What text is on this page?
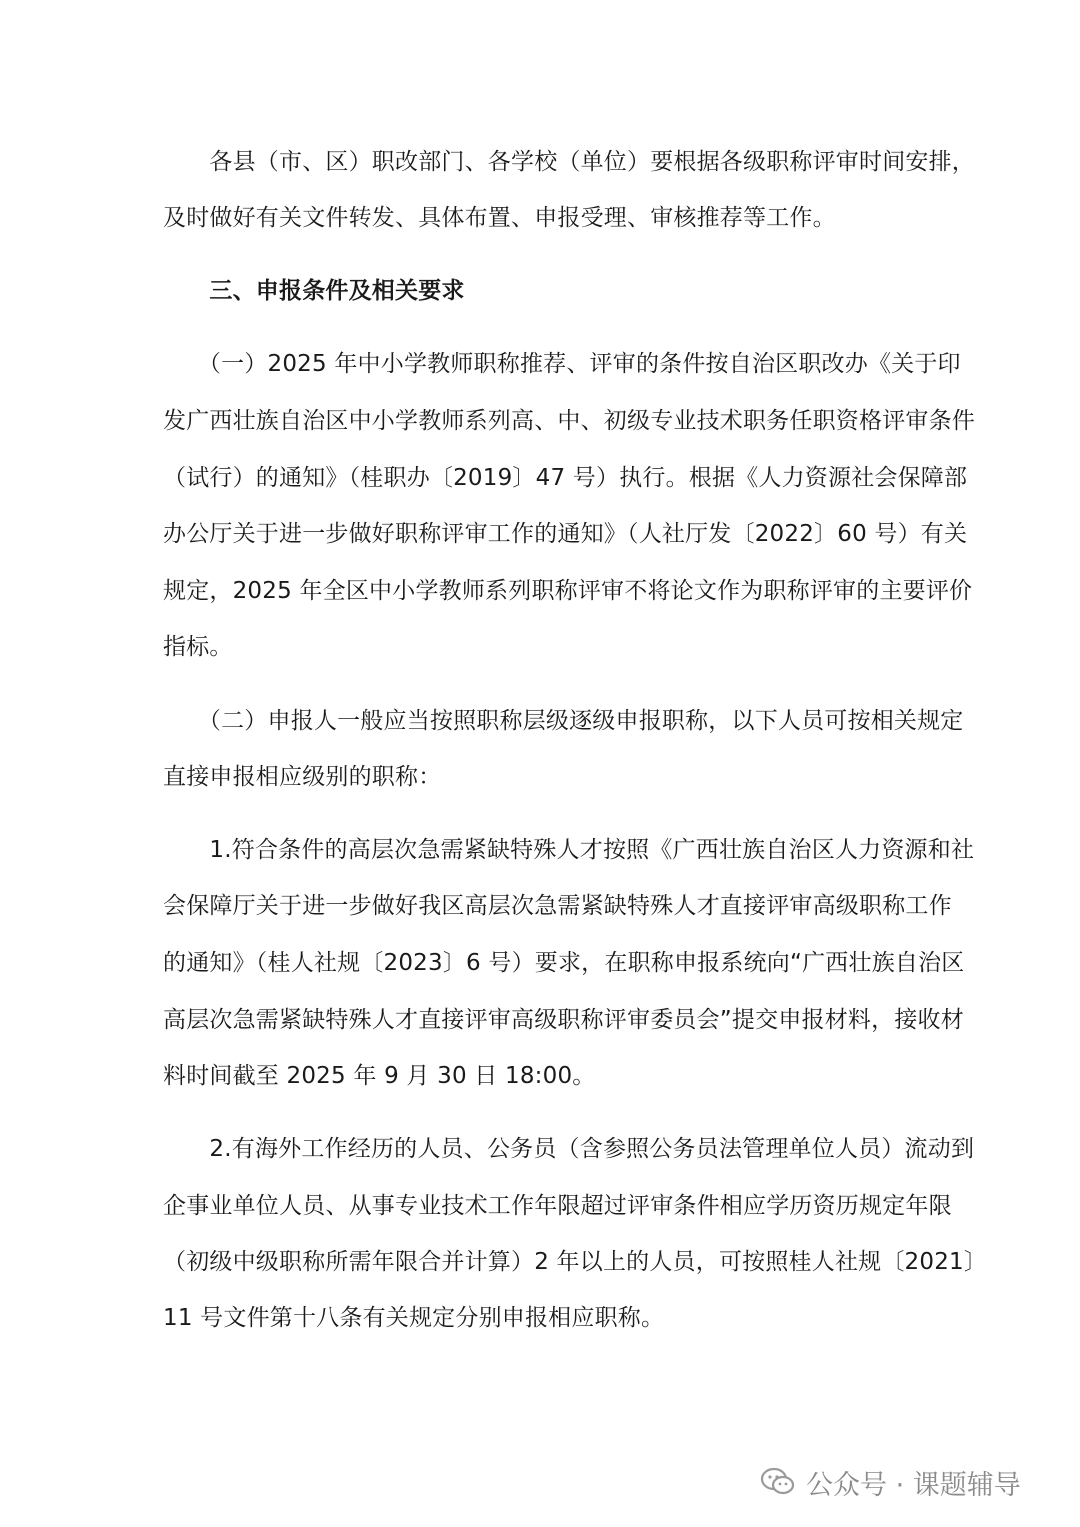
　　各县（市、区）职改部门、各学校（单位）要根据各级职称评审时间安排，
及时做好有关文件转发、具体布置、申报受理、审核推荐等工作。
　　三、申报条件及相关要求
　　（一）2025 年中小学教师职称推荐、评审的条件按自治区职改办《关于印
发广西壮族自治区中小学教师系列高、中、初级专业技术职务任职资格评审条件
（试行）的通知》（桂职办〔2019〕47 号）执行。根据《人力资源社会保障部
办公厅关于进一步做好职称评审工作的通知》（人社厅发〔2022〕60 号）有关
规定，2025 年全区中小学教师系列职称评审不将论文作为职称评审的主要评价
指标。
　　（二）申报人一般应当按照职称层级逐级申报职称，以下人员可按相关规定
直接申报相应级别的职称：
　　1.符合条件的高层次急需紧缺特殊人才按照《广西壮族自治区人力资源和社
会保障厅关于进一步做好我区高层次急需紧缺特殊人才直接评审高级职称工作
的通知》（桂人社规〔2023〕6 号）要求，在职称申报系统向“广西壮族自治区
高层次急需紧缺特殊人才直接评审高级职称评审委员会”提交申报材料，接收材
料时间截至 2025 年 9 月 30 日 18:00。
　　2.有海外工作经历的人员、公务员（含参照公务员法管理单位人员）流动到
企事业单位人员、从事专业技术工作年限超过评审条件相应学历资历规定年限
（初级中级职称所需年限合并计算）2 年以上的人员，可按照桂人社规〔2021〕
11 号文件第十八条有关规定分别申报相应职称。
公众号 · 课题辅导
